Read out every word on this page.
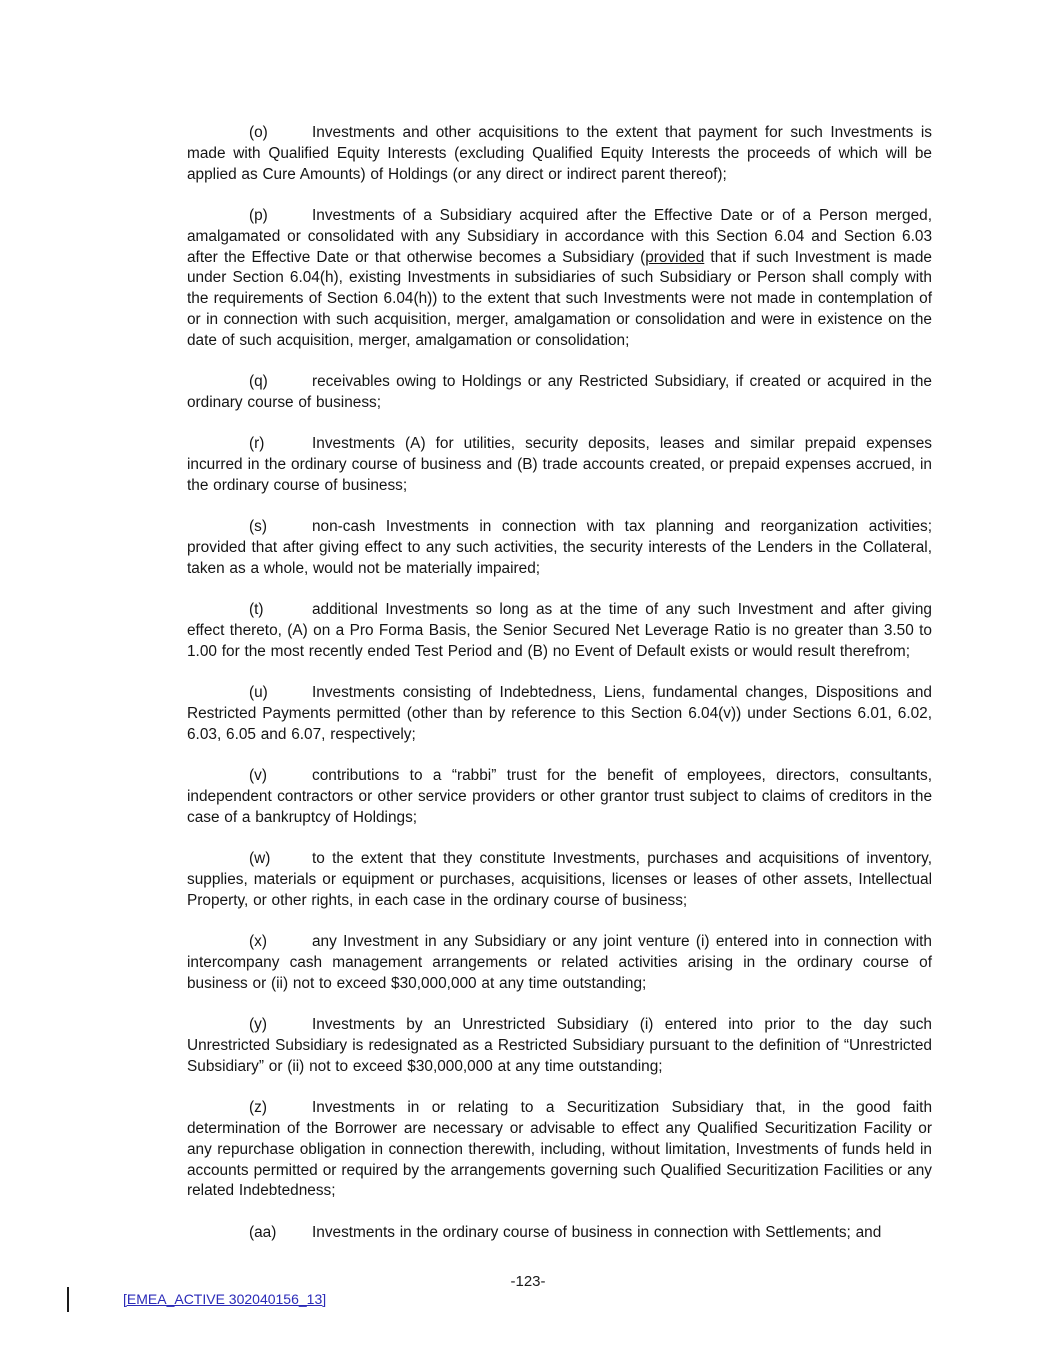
(o)	Investments and other acquisitions to the extent that payment for such Investments is made with Qualified Equity Interests (excluding Qualified Equity Interests the proceeds of which will be applied as Cure Amounts) of Holdings (or any direct or indirect parent thereof);

(p)	Investments of a Subsidiary acquired after the Effective Date or of a Person merged, amalgamated or consolidated with any Subsidiary in accordance with this Section 6.04 and Section 6.03 after the Effective Date or that otherwise becomes a Subsidiary (provided that if such Investment is made under Section 6.04(h), existing Investments in subsidiaries of such Subsidiary or Person shall comply with the requirements of Section 6.04(h)) to the extent that such Investments were not made in contemplation of or in connection with such acquisition, merger, amalgamation or consolidation and were in existence on the date of such acquisition, merger, amalgamation or consolidation;

(q)	receivables owing to Holdings or any Restricted Subsidiary, if created or acquired in the ordinary course of business;

(r)	Investments (A) for utilities, security deposits, leases and similar prepaid expenses incurred in the ordinary course of business and (B) trade accounts created, or prepaid expenses accrued, in the ordinary course of business;

(s)	non-cash Investments in connection with tax planning and reorganization activities; provided that after giving effect to any such activities, the security interests of the Lenders in the Collateral, taken as a whole, would not be materially impaired;

(t)	additional Investments so long as at the time of any such Investment and after giving effect thereto, (A) on a Pro Forma Basis, the Senior Secured Net Leverage Ratio is no greater than 3.50 to 1.00 for the most recently ended Test Period and (B) no Event of Default exists or would result therefrom;

(u)	Investments consisting of Indebtedness, Liens, fundamental changes, Dispositions and Restricted Payments permitted (other than by reference to this Section 6.04(v)) under Sections 6.01, 6.02, 6.03, 6.05 and 6.07, respectively;

(v)	contributions to a “rabbi” trust for the benefit of employees, directors, consultants, independent contractors or other service providers or other grantor trust subject to claims of creditors in the case of a bankruptcy of Holdings;

(w)	to the extent that they constitute Investments, purchases and acquisitions of inventory, supplies, materials or equipment or purchases, acquisitions, licenses or leases of other assets, Intellectual Property, or other rights, in each case in the ordinary course of business;

(x)	any Investment in any Subsidiary or any joint venture (i) entered into in connection with intercompany cash management arrangements or related activities arising in the ordinary course of business or (ii) not to exceed $30,000,000 at any time outstanding;

(y)	Investments by an Unrestricted Subsidiary (i) entered into prior to the day such Unrestricted Subsidiary is redesignated as a Restricted Subsidiary pursuant to the definition of “Unrestricted Subsidiary” or (ii) not to exceed $30,000,000 at any time outstanding;

(z)	Investments in or relating to a Securitization Subsidiary that, in the good faith determination of the Borrower are necessary or advisable to effect any Qualified Securitization Facility or any repurchase obligation in connection therewith, including, without limitation, Investments of funds held in accounts permitted or required by the arrangements governing such Qualified Securitization Facilities or any related Indebtedness;

(aa) Investments in the ordinary course of business in connection with Settlements; and

-123-
[EMEA_ACTIVE 302040156_13]
